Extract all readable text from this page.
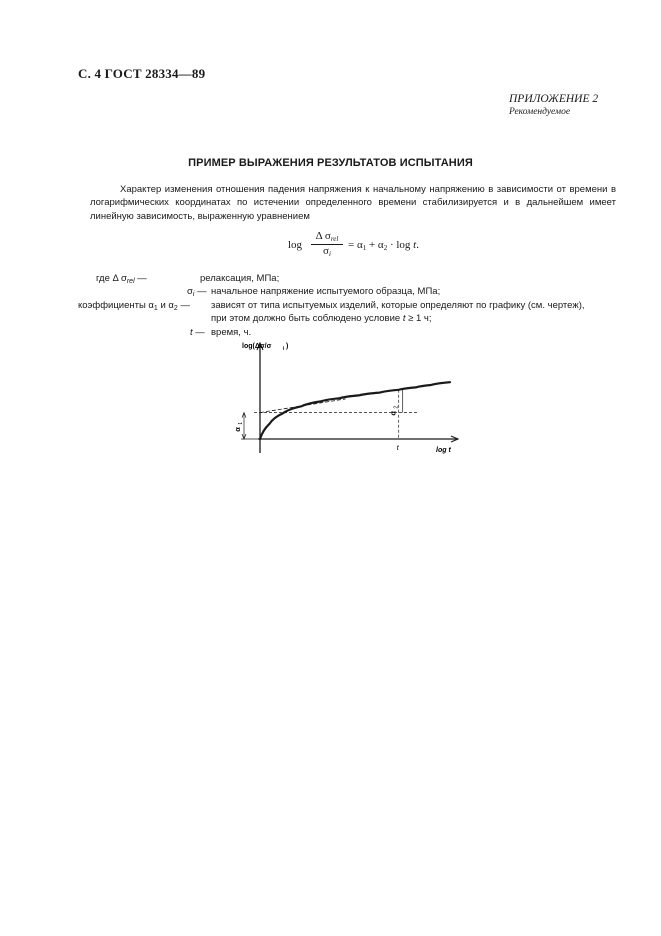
С. 4 ГОСТ 28334—89
ПРИЛОЖЕНИЕ 2
Рекомендуемое
ПРИМЕР ВЫРАЖЕНИЯ РЕЗУЛЬТАТОВ ИСПЫТАНИЯ
Характер изменения отношения падения напряжения к начальному напряжению в зависимости от времени в логарифмических координатах по истечении определенного времени стабилизируется и в дальнейшем имеет линейную зависимость, выраженную уравнением
log
Δ $\sigma_{rel}$
$\sigma_i$
= $\alpha_1 + \alpha_2 \cdot \log t$.
где Δ $\sigma_{rel}$ —	релаксация, МПа;
$\sigma_i$ — начальное напряжение испытуемого образца, МПа;
коэффициенты $\alpha_1$ и $\alpha_2$ — зависят от типа испытуемых изделий, которые определяют по графику (см. чертеж),
при этом должно быть соблюдено условие t ≥ 1 ч;
t — время, ч.
log(Δσ/σ i )
log t
t
α
1
α
2
